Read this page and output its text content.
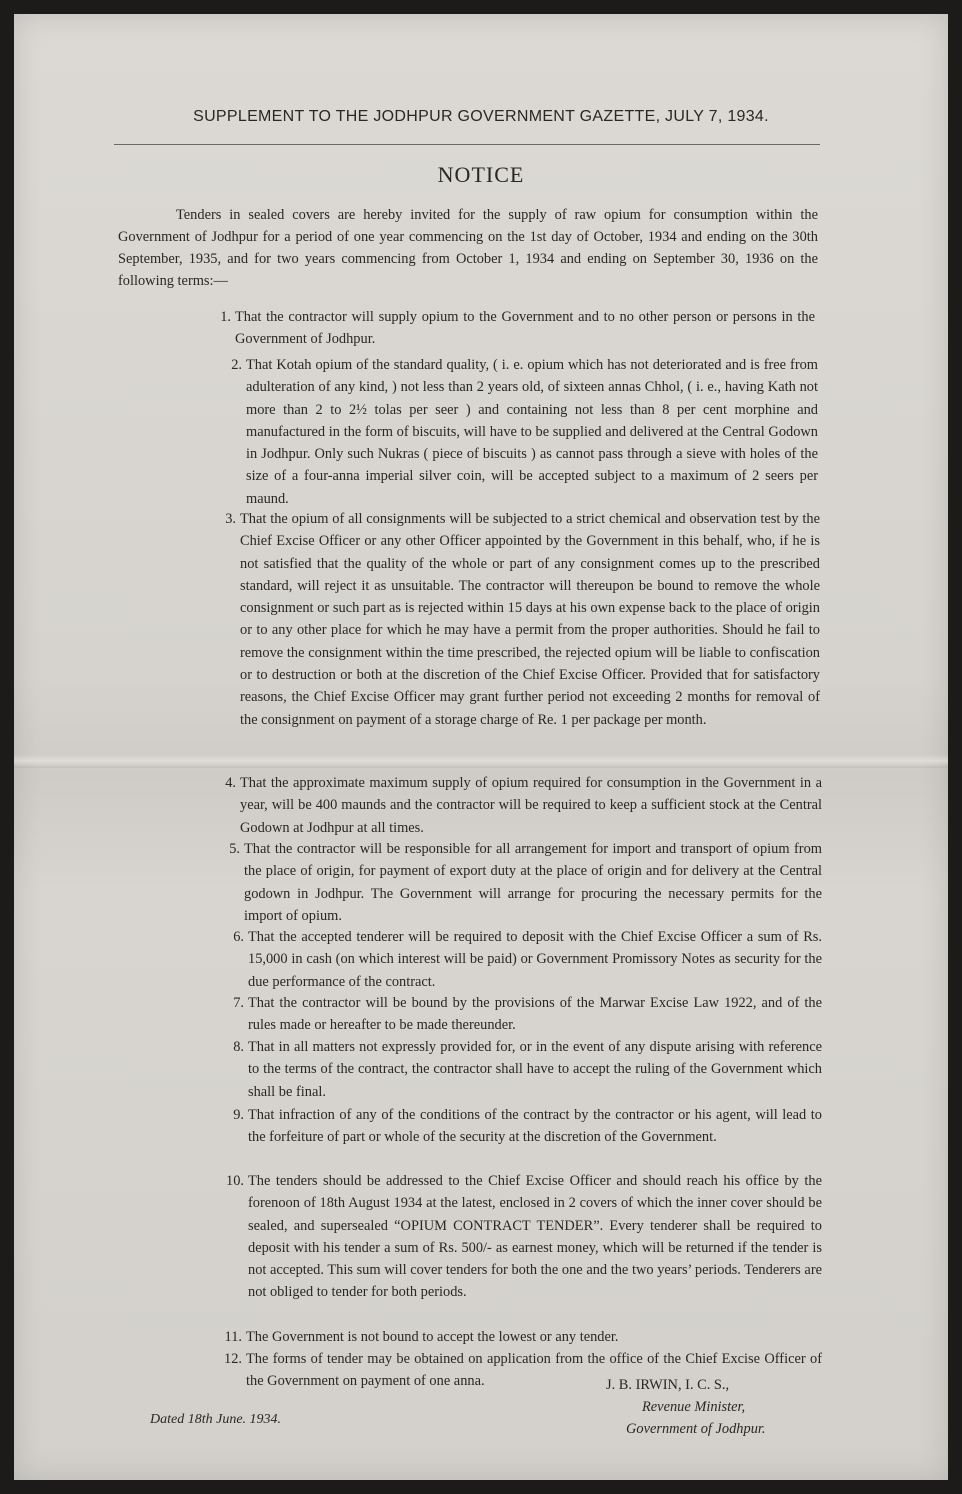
SUPPLEMENT TO THE JODHPUR GOVERNMENT GAZETTE, JULY 7, 1934.
NOTICE

Tenders in sealed covers are hereby invited for the supply of raw opium for consumption within the Government of Jodhpur for a period of one year commencing on the 1st day of October, 1934 and ending on the 30th September, 1935, and for two years commencing from October 1, 1934 and ending on September 30, 1936 on the following terms:—

1. That the contractor will supply opium to the Government and to no other person or persons in the Government of Jodhpur.

2. That Kotah opium of the standard quality, ( i. e. opium which has not deteriorated and is free from adulteration of any kind, ) not less than 2 years old, of sixteen annas Chhol, ( i. e., having Kath not more than 2 to 2½ tolas per seer ) and containing not less than 8 per cent morphine and manufactured in the form of biscuits, will have to be supplied and delivered at the Central Godown in Jodhpur. Only such Nukras ( piece of biscuits ) as cannot pass through a sieve with holes of the size of a four-anna imperial silver coin, will be accepted subject to a maximum of 2 seers per maund.

3. That the opium of all consignments will be subjected to a strict chemical and observation test by the Chief Excise Officer or any other Officer appointed by the Government in this behalf, who, if he is not satisfied that the quality of the whole or part of any consignment comes up to the prescribed standard, will reject it as unsuitable. The contractor will thereupon be bound to remove the whole consignment or such part as is rejected within 15 days at his own expense back to the place of origin or to any other place for which he may have a permit from the proper authorities. Should he fail to remove the consignment within the time prescribed, the rejected opium will be liable to confiscation or to destruction or both at the discretion of the Chief Excise Officer. Provided that for satisfactory reasons, the Chief Excise Officer may grant further period not exceeding 2 months for removal of the consignment on payment of a storage charge of Re. 1 per package per month.

4. That the approximate maximum supply of opium required for consumption in the Government in a year, will be 400 maunds and the contractor will be required to keep a sufficient stock at the Central Godown at Jodhpur at all times.

5. That the contractor will be responsible for all arrangement for import and transport of opium from the place of origin, for payment of export duty at the place of origin and for delivery at the Central godown in Jodhpur. The Government will arrange for procuring the necessary permits for the import of opium.

6. That the accepted tenderer will be required to deposit with the Chief Excise Officer a sum of Rs. 15,000 in cash (on which interest will be paid) or Government Promissory Notes as security for the due performance of the contract.

7. That the contractor will be bound by the provisions of the Marwar Excise Law 1922, and of the rules made or hereafter to be made thereunder.

8. That in all matters not expressly provided for, or in the event of any dispute arising with reference to the terms of the contract, the contractor shall have to accept the ruling of the Government which shall be final.

9. That infraction of any of the conditions of the contract by the contractor or his agent, will lead to the forfeiture of part or whole of the security at the discretion of the Government.

10. The tenders should be addressed to the Chief Excise Officer and should reach his office by the forenoon of 18th August 1934 at the latest, enclosed in 2 covers of which the inner cover should be sealed, and supersealed “OPIUM CONTRACT TENDER”. Every tenderer shall be required to deposit with his tender a sum of Rs. 500/- as earnest money, which will be returned if the tender is not accepted. This sum will cover tenders for both the one and the two years’ periods. Tenderers are not obliged to tender for both periods.

11. The Government is not bound to accept the lowest or any tender.

12. The forms of tender may be obtained on application from the office of the Chief Excise Officer of the Government on payment of one anna.

Dated 18th June. 1934.
J. B. IRWIN, I. C. S.,
Revenue Minister,
Government of Jodhpur.
